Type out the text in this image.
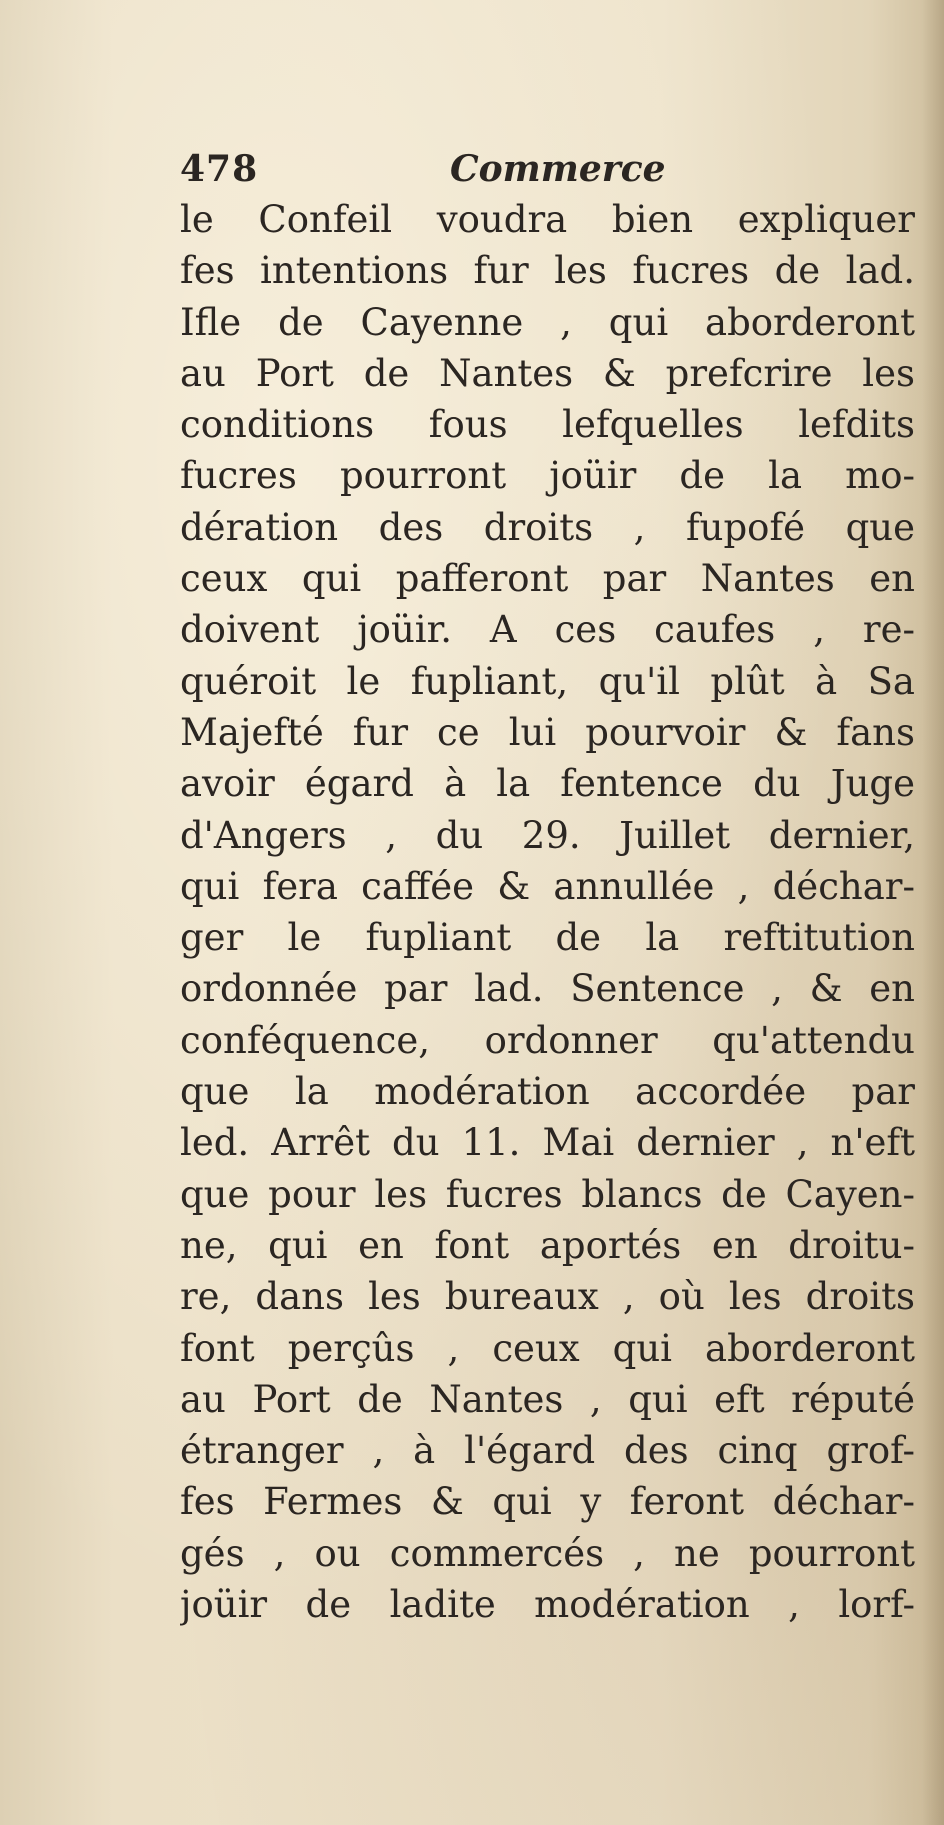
478	Commerce
le Confeil voudra bien expliquer
fes intentions fur les fucres de lad.
Ifle de Cayenne , qui aborderont
au Port de Nantes & prefcrire les
conditions fous lefquelles lefdits
fucres pourront joüir de la mo-
dération des droits , fupofé que
ceux qui pafferont par Nantes en
doivent joüir. A ces caufes , re-
quéroit le fupliant, qu'il plût à Sa
Majefté fur ce lui pourvoir & fans
avoir égard à la fentence du Juge
d'Angers , du 29. Juillet dernier,
qui fera caffée & annullée , déchar-
ger le fupliant de la reftitution
ordonnée par lad. Sentence , & en
conféquence, ordonner qu'attendu
que la modération accordée par
led. Arrêt du 11. Mai dernier , n'eft
que pour les fucres blancs de Cayen-
ne, qui en font aportés en droitu-
re, dans les bureaux , où les droits
font perçûs , ceux qui aborderont
au Port de Nantes , qui eft réputé
étranger , à l'égard des cinq grof-
fes Fermes & qui y feront déchar-
gés , ou commercés , ne pourront
joüir de ladite modération , lorf-
